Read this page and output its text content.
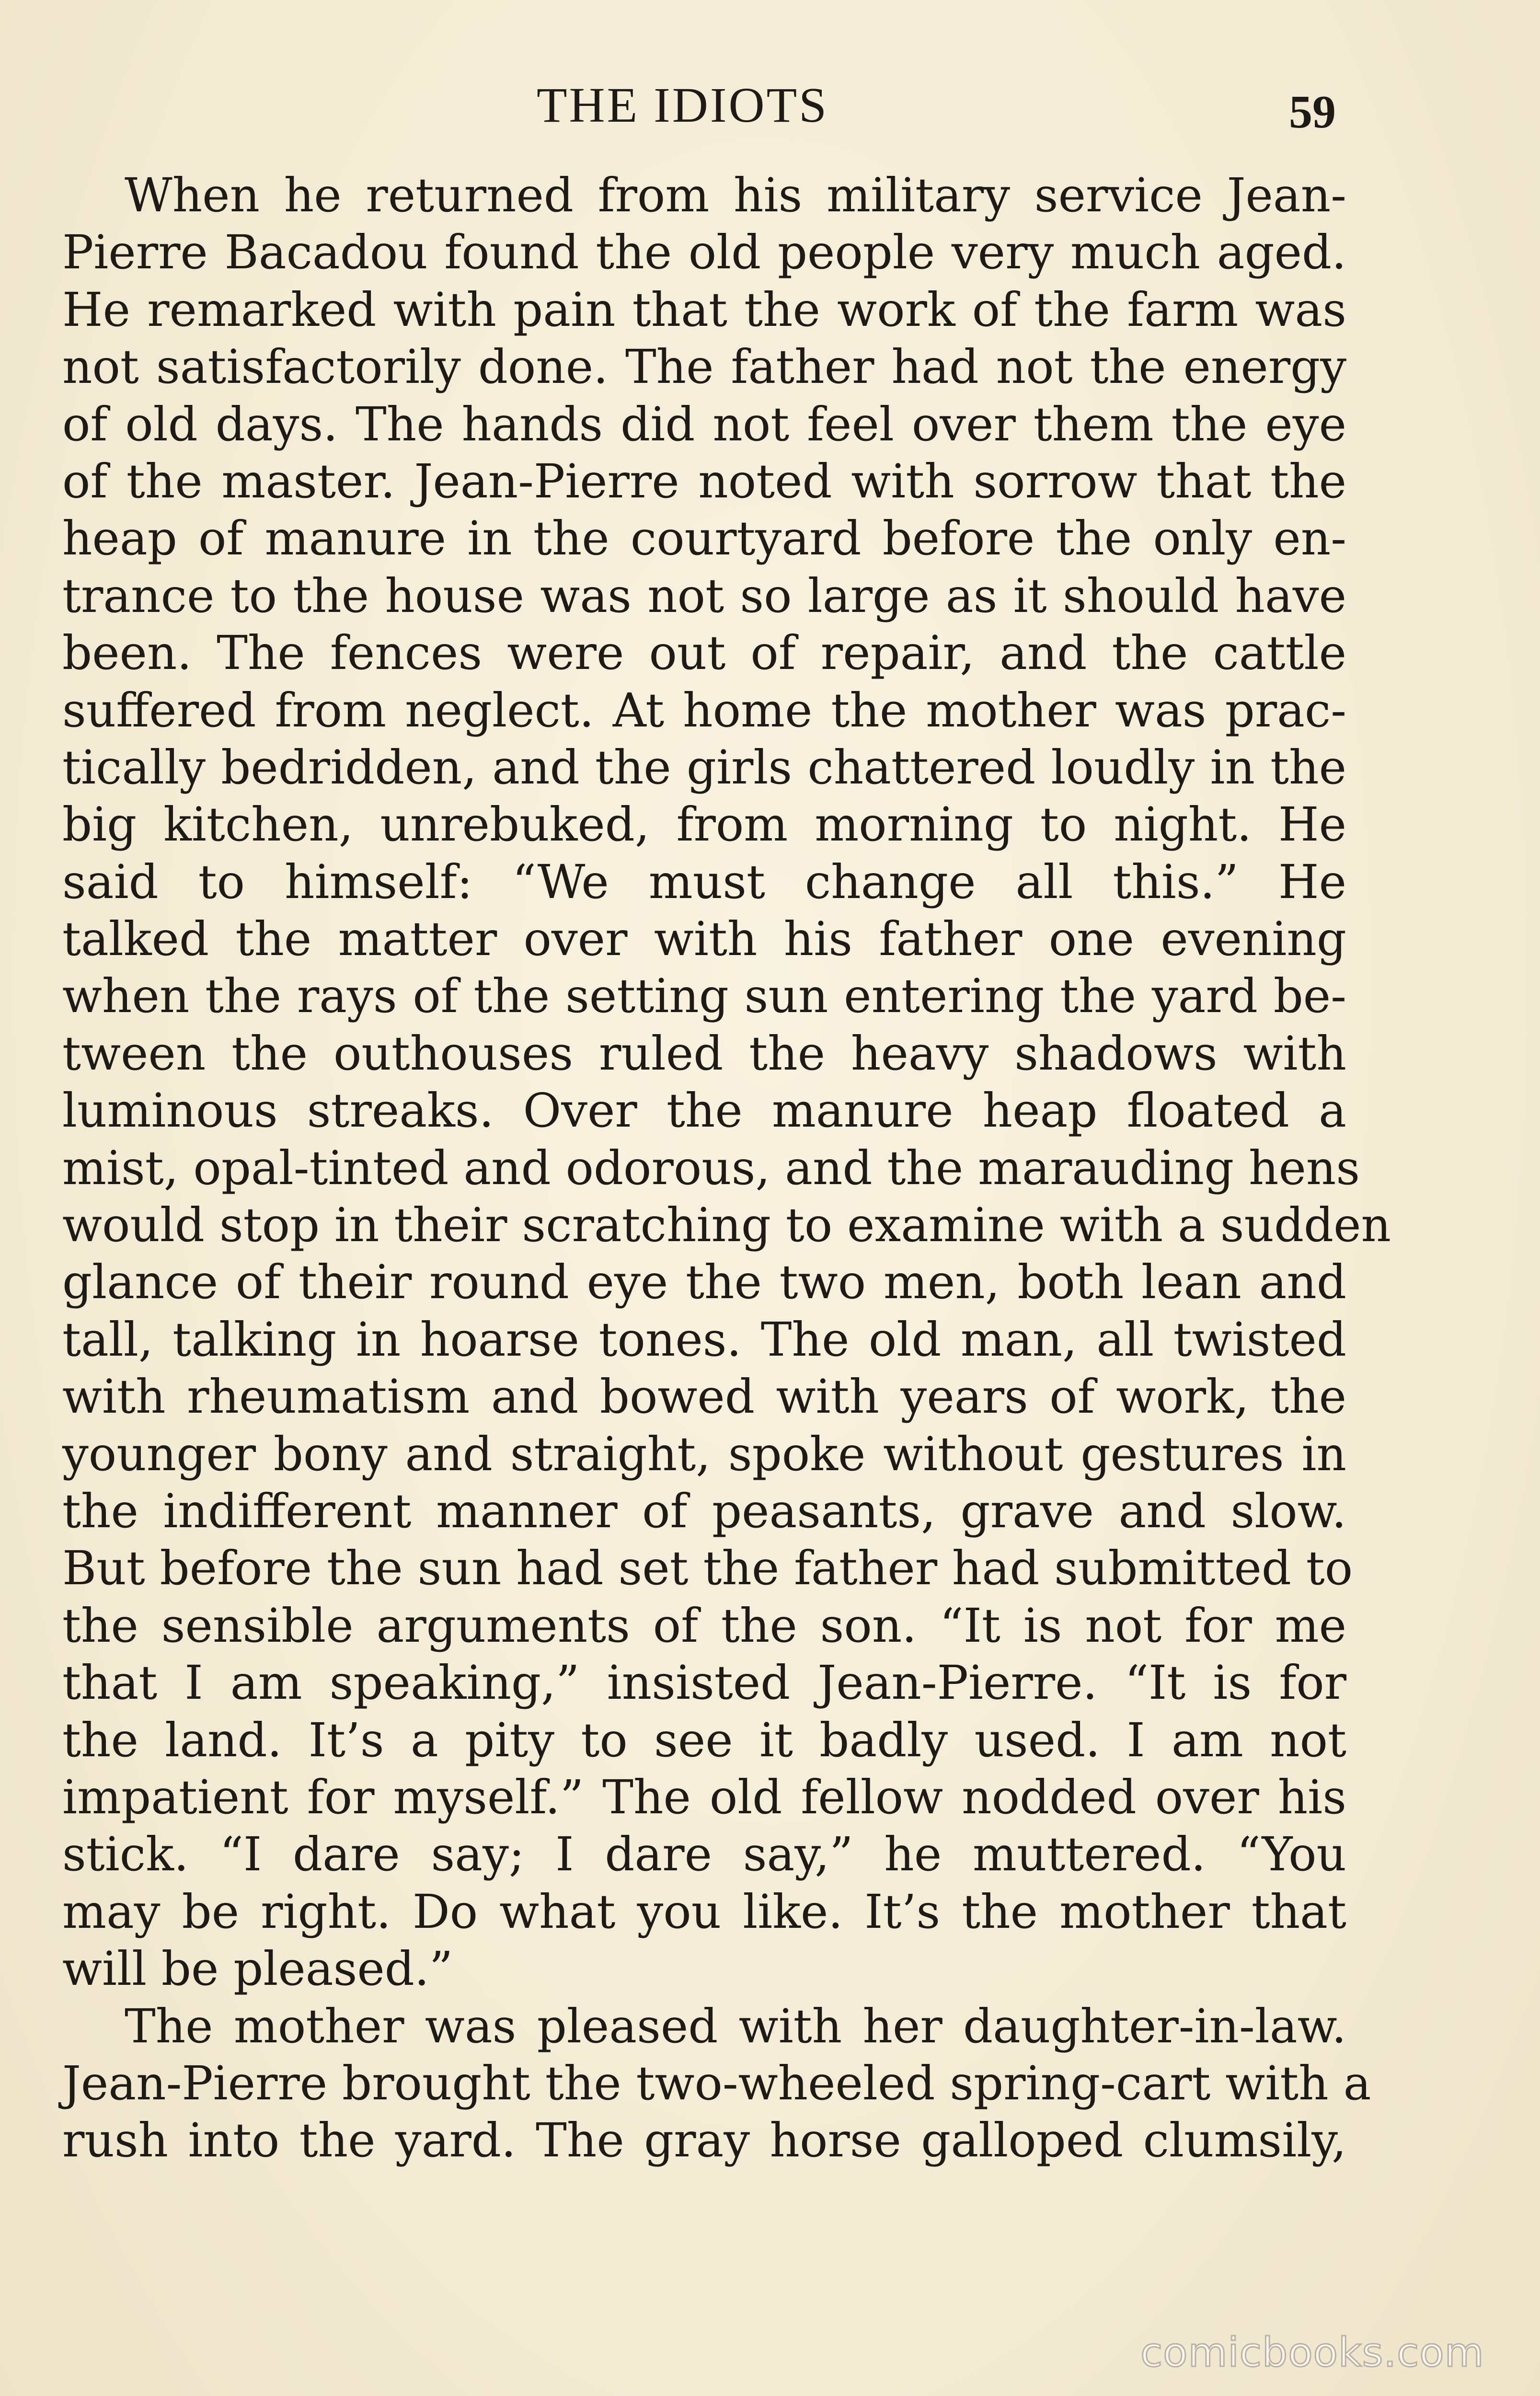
THE IDIOTS	59
When he returned from his military service Jean-
Pierre Bacadou found the old people very much aged.
He remarked with pain that the work of the farm was
not satisfactorily done. The father had not the energy
of old days. The hands did not feel over them the eye
of the master. Jean-Pierre noted with sorrow that the
heap of manure in the courtyard before the only en-
trance to the house was not so large as it should have
been. The fences were out of repair, and the cattle
suffered from neglect. At home the mother was prac-
tically bedridden, and the girls chattered loudly in the
big kitchen, unrebuked, from morning to night. He
said to himself: “We must change all this.” He
talked the matter over with his father one evening
when the rays of the setting sun entering the yard be-
tween the outhouses ruled the heavy shadows with
luminous streaks. Over the manure heap floated a
mist, opal-tinted and odorous, and the marauding hens
would stop in their scratching to examine with a sudden
glance of their round eye the two men, both lean and
tall, talking in hoarse tones. The old man, all twisted
with rheumatism and bowed with years of work, the
younger bony and straight, spoke without gestures in
the indifferent manner of peasants, grave and slow.
But before the sun had set the father had submitted to
the sensible arguments of the son. “It is not for me
that I am speaking,” insisted Jean-Pierre. “It is for
the land. It’s a pity to see it badly used. I am not
impatient for myself.” The old fellow nodded over his
stick. “I dare say; I dare say,” he muttered. “You
may be right. Do what you like. It’s the mother that
will be pleased.”
The mother was pleased with her daughter-in-law.
Jean-Pierre brought the two-wheeled spring-cart with a
rush into the yard. The gray horse galloped clumsily,
comicbooks.com
